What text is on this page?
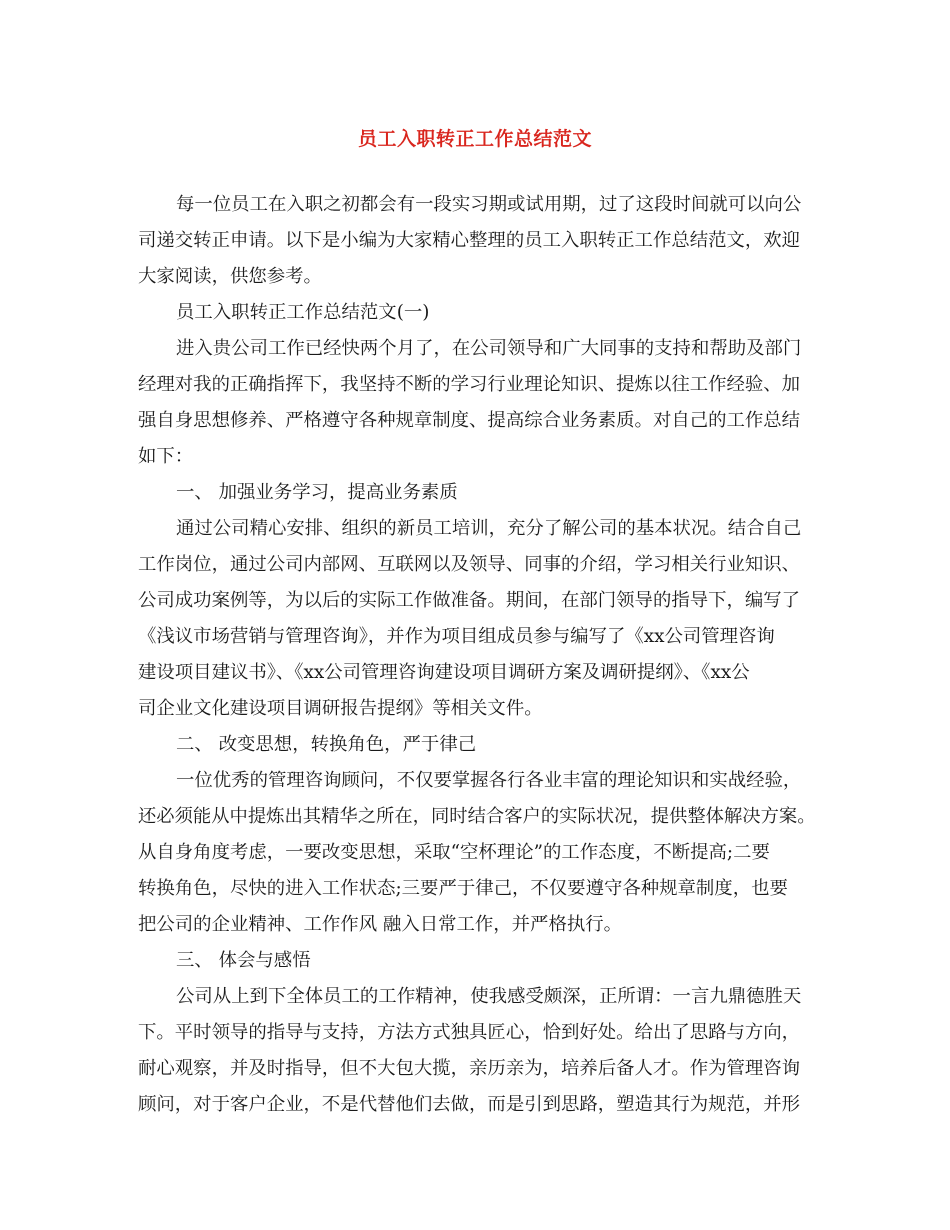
员工入职转正工作总结范文
每一位员工在入职之初都会有一段实习期或试用期，过了这段时间就可以向公
司递交转正申请。以下是小编为大家精心整理的员工入职转正工作总结范文，欢迎
大家阅读，供您参考。
员工入职转正工作总结范文(一)
进入贵公司工作已经快两个月了，在公司领导和广大同事的支持和帮助及部门
经理对我的正确指挥下，我坚持不断的学习行业理论知识、提炼以往工作经验、加
强自身思想修养、严格遵守各种规章制度、提高综合业务素质。对自己的工作总结
如下：
一、 加强业务学习，提高业务素质
通过公司精心安排、组织的新员工培训，充分了解公司的基本状况。结合自己
工作岗位，通过公司内部网、互联网以及领导、同事的介绍，学习相关行业知识、
公司成功案例等，为以后的实际工作做准备。期间，在部门领导的指导下，编写了
《浅议市场营销与管理咨询》，并作为项目组成员参与编写了《xx公司管理咨询
建设项目建议书》、《xx公司管理咨询建设项目调研方案及调研提纲》、《xx公
司企业文化建设项目调研报告提纲》等相关文件。
二、 改变思想，转换角色，严于律己
一位优秀的管理咨询顾问，不仅要掌握各行各业丰富的理论知识和实战经验，
还必须能从中提炼出其精华之所在，同时结合客户的实际状况，提供整体解决方案。
从自身角度考虑，一要改变思想，采取“空杯理论”的工作态度，不断提高;二要
转换角色，尽快的进入工作状态;三要严于律己，不仅要遵守各种规章制度，也要
把公司的企业精神、工作作风 融入日常工作，并严格执行。
三、 体会与感悟
公司从上到下全体员工的工作精神，使我感受颇深，正所谓：一言九鼎德胜天
下。平时领导的指导与支持，方法方式独具匠心，恰到好处。给出了思路与方向，
耐心观察，并及时指导，但不大包大揽，亲历亲为，培养后备人才。作为管理咨询
顾问，对于客户企业，不是代替他们去做，而是引到思路，塑造其行为规范，并形
